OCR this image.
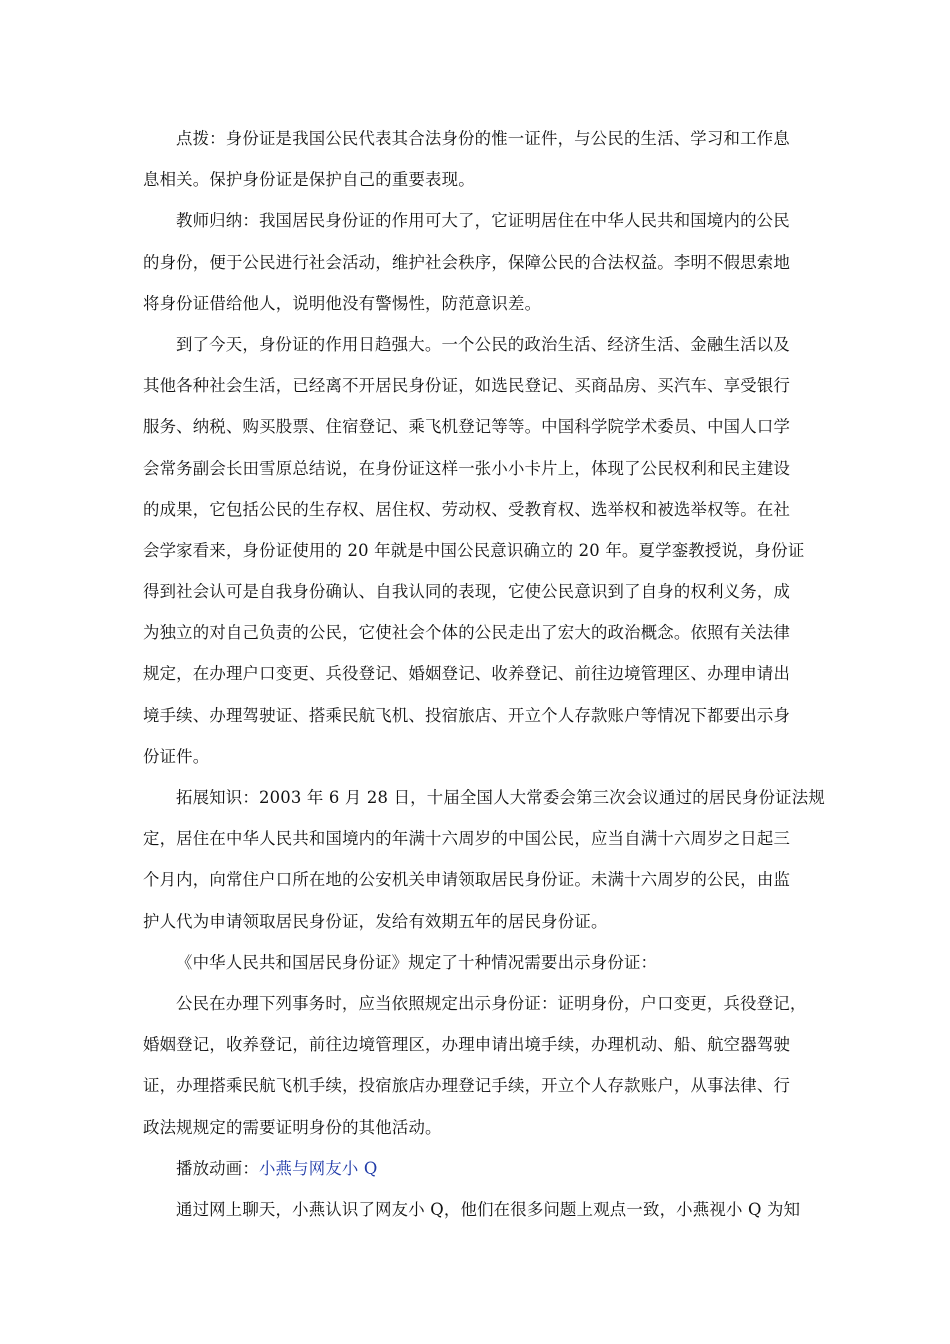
点拨：身份证是我国公民代表其合法身份的惟一证件，与公民的生活、学习和工作息
息相关。保护身份证是保护自己的重要表现。
教师归纳：我国居民身份证的作用可大了，它证明居住在中华人民共和国境内的公民
的身份，便于公民进行社会活动，维护社会秩序，保障公民的合法权益。李明不假思索地
将身份证借给他人，说明他没有警惕性，防范意识差。
到了今天，身份证的作用日趋强大。一个公民的政治生活、经济生活、金融生活以及
其他各种社会生活，已经离不开居民身份证，如选民登记、买商品房、买汽车、享受银行
服务、纳税、购买股票、住宿登记、乘飞机登记等等。中国科学院学术委员、中国人口学
会常务副会长田雪原总结说，在身份证这样一张小小卡片上，体现了公民权利和民主建设
的成果，它包括公民的生存权、居住权、劳动权、受教育权、选举权和被选举权等。在社
会学家看来，身份证使用的 20 年就是中国公民意识确立的 20 年。夏学銮教授说，身份证
得到社会认可是自我身份确认、自我认同的表现，它使公民意识到了自身的权利义务，成
为独立的对自己负责的公民，它使社会个体的公民走出了宏大的政治概念。依照有关法律
规定，在办理户口变更、兵役登记、婚姻登记、收养登记、前往边境管理区、办理申请出
境手续、办理驾驶证、搭乘民航飞机、投宿旅店、开立个人存款账户等情况下都要出示身
份证件。
拓展知识：2003 年 6 月 28 日，十届全国人大常委会第三次会议通过的居民身份证法规
定，居住在中华人民共和国境内的年满十六周岁的中国公民，应当自满十六周岁之日起三
个月内，向常住户口所在地的公安机关申请领取居民身份证。未满十六周岁的公民，由监
护人代为申请领取居民身份证，发给有效期五年的居民身份证。
《中华人民共和国居民身份证》规定了十种情况需要出示身份证：
公民在办理下列事务时，应当依照规定出示身份证：证明身份，户口变更，兵役登记，
婚姻登记，收养登记，前往边境管理区，办理申请出境手续，办理机动、船、航空器驾驶
证，办理搭乘民航飞机手续，投宿旅店办理登记手续，开立个人存款账户，从事法律、行
政法规规定的需要证明身份的其他活动。
播放动画：小燕与网友小 Q
通过网上聊天，小燕认识了网友小 Q，他们在很多问题上观点一致，小燕视小 Q 为知
